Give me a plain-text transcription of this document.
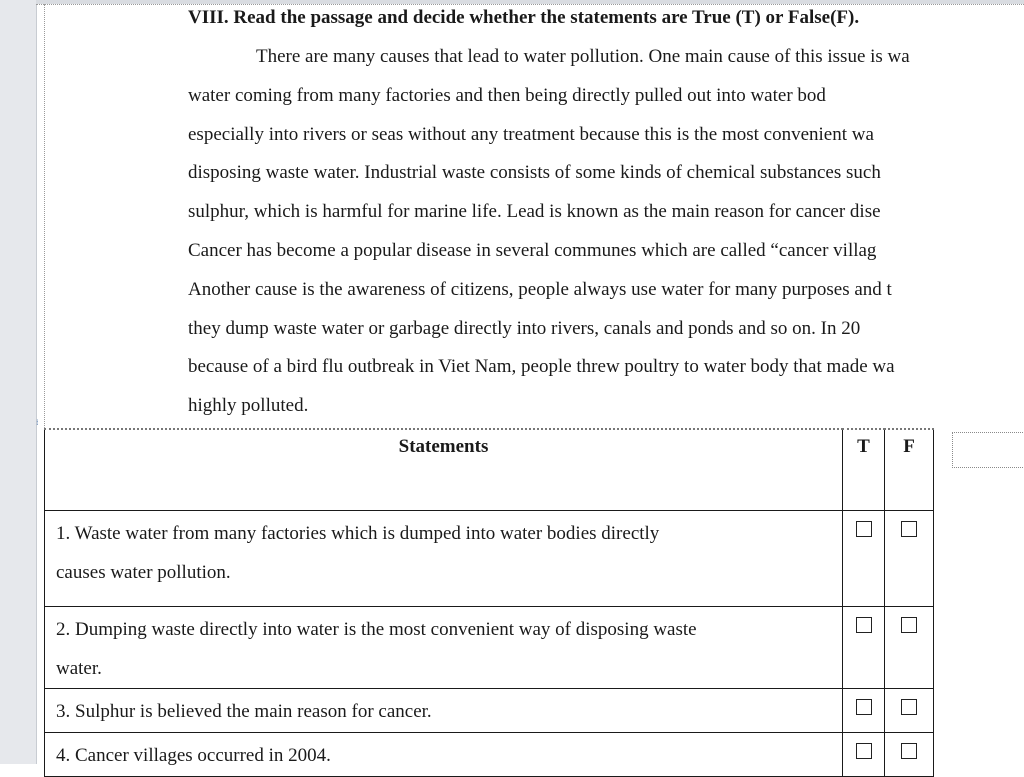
⁞
VIII. Read the passage and decide whether the statements are True (T) or False(F).
There are many causes that lead to water pollution. One main cause of this issue is wa
water coming from many factories and then being directly pulled out into water bod
especially into rivers or seas without any treatment because this is the most convenient wa
disposing waste water. Industrial waste consists of some kinds of chemical substances such
sulphur, which is harmful for marine life. Lead is known as the main reason for cancer dise
Cancer has become a popular disease in several communes which are called “cancer villag
Another cause is the awareness of citizens, people always use water for many purposes and t
they dump waste water or garbage directly into rivers, canals and ponds and so on. In 20
because of a bird flu outbreak in Viet Nam, people threw poultry to water body that made wa
highly polluted.
Statements	T	F

1. Waste water from many factories which is dumped into water bodies directly
causes water pollution.		

2. Dumping waste directly into water is the most convenient way of disposing waste
water.		

3. Sulphur is believed the main reason for cancer.		

4. Cancer villages occurred in 2004.		
